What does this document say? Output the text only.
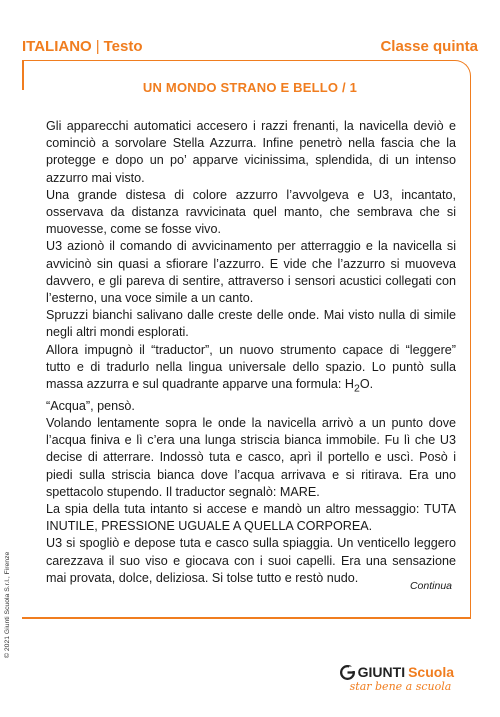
ITALIANO | Testo	Classe quinta
UN MONDO STRANO E BELLO / 1

Gli apparecchi automatici accesero i razzi frenanti, la navicella deviò e cominciò a sorvolare Stella Azzurra. Infine penetrò nella fascia che la protegge e dopo un po’ apparve vicinissima, splendida, di un intenso azzurro mai visto.

Una grande distesa di colore azzurro l’avvolgeva e U3, incantato, osservava da distanza ravvicinata quel manto, che sembrava che si muovesse, come se fosse vivo.

U3 azionò il comando di avvicinamento per atterraggio e la navicella si avvicinò sin quasi a sfiorare l’azzurro. E vide che l’azzurro si muoveva davvero, e gli pareva di sentire, attraverso i sensori acustici collegati con l’esterno, una voce simile a un canto.

Spruzzi bianchi salivano dalle creste delle onde. Mai visto nulla di simile negli altri mondi esplorati.

Allora impugnò il “traductor”, un nuovo strumento capace di “leggere” tutto e di tradurlo nella lingua universale dello spazio. Lo puntò sulla massa azzurra e sul quadrante apparve una formula: $H_2O$.

“Acqua”, pensò.

Volando lentamente sopra le onde la navicella arrivò a un punto dove l’acqua finiva e lì c’era una lunga striscia bianca immobile. Fu lì che U3 decise di atterrare. Indossò tuta e casco, aprì il portello e uscì. Posò i piedi sulla striscia bianca dove l’acqua arrivava e si ritirava. Era uno spettacolo stupendo. Il traductor segnalò: MARE.

La spia della tuta intanto si accese e mandò un altro messaggio: TUTA INUTILE, PRESSIONE UGUALE A QUELLA CORPOREA.

U3 si spogliò e depose tuta e casco sulla spiaggia. Un venticello leggero carezzava il suo viso e giocava con i suoi capelli. Era una sensazione mai provata, dolce, deliziosa. Si tolse tutto e restò nudo.

Continua
© 2021 Giunti Scuola S.r.l., Firenze
GIUNTI Scuola
star bene a scuola
